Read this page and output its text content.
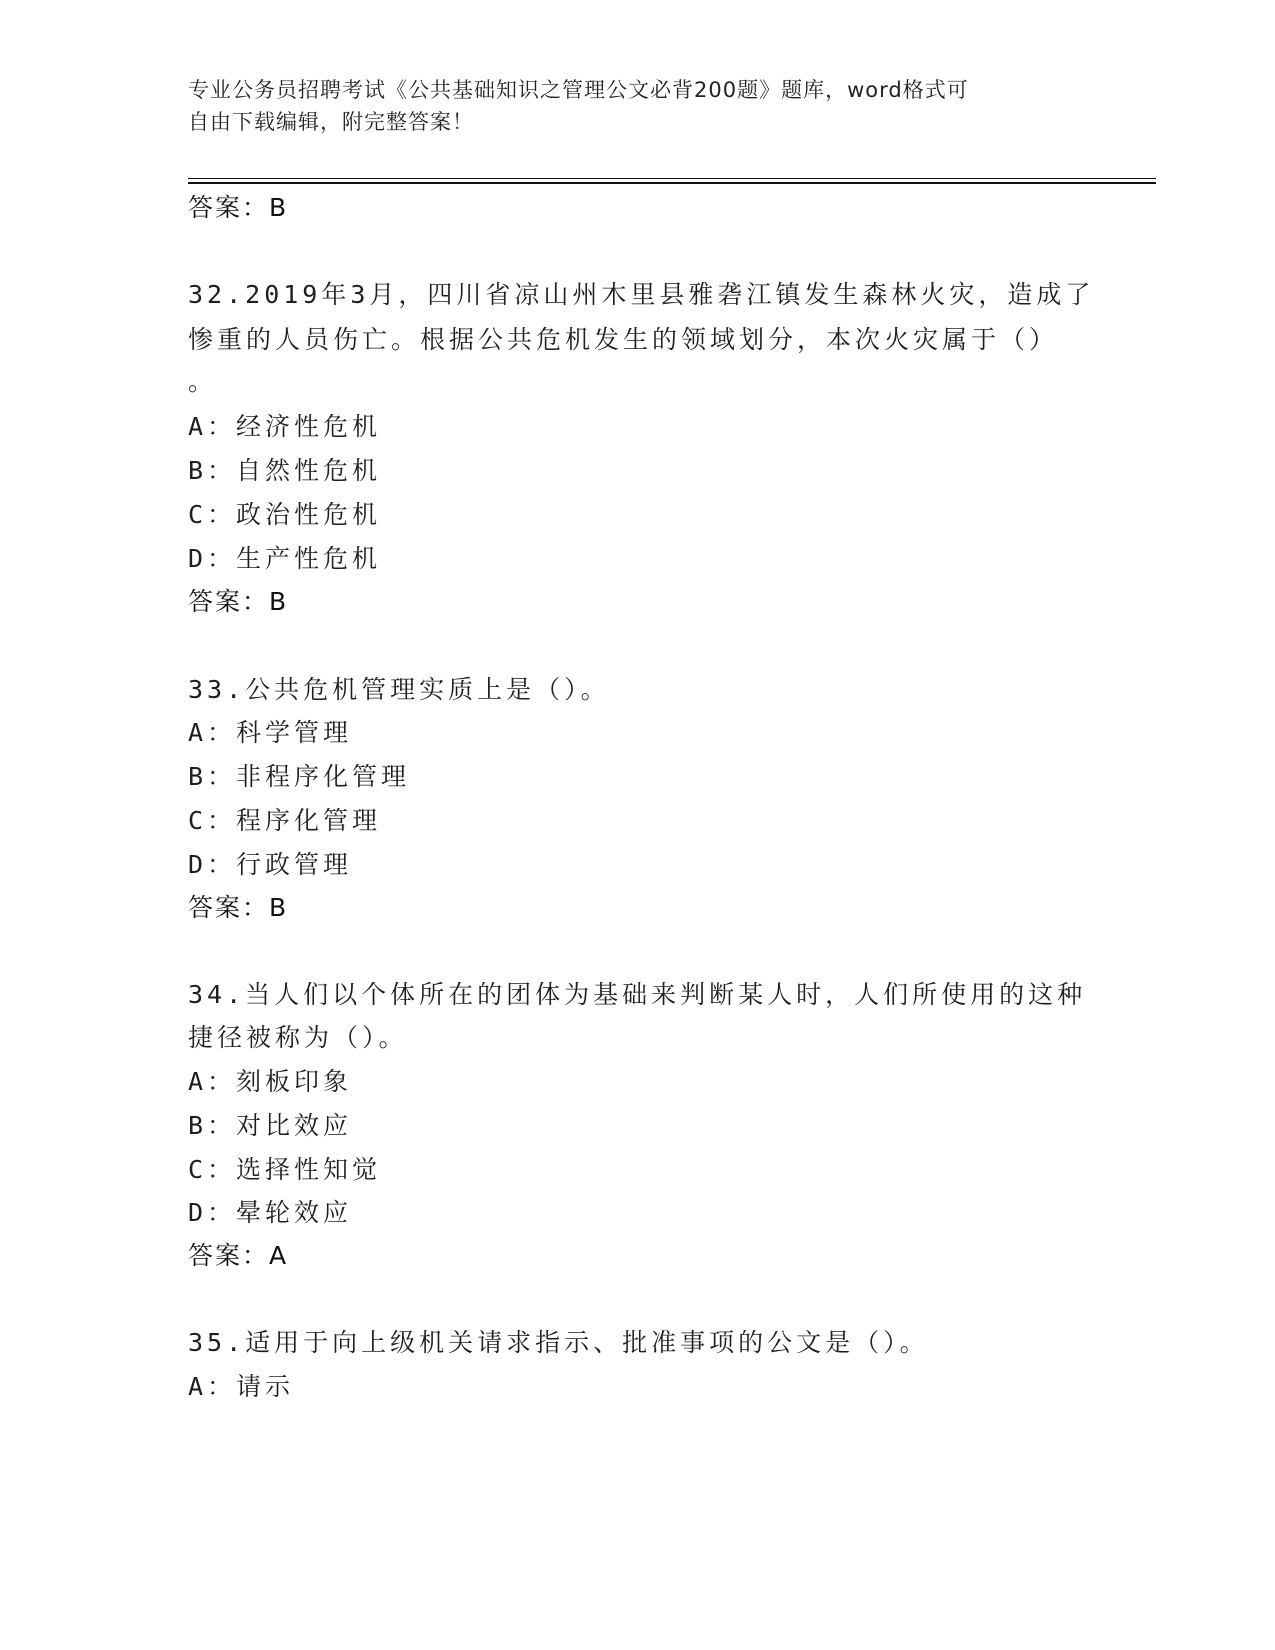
专业公务员招聘考试《公共基础知识之管理公文必背200题》题库，word格式可
自由下载编辑，附完整答案！
答案：B
32.2019年3月，四川省凉山州木里县雅砻江镇发生森林火灾，造成了
惨重的人员伤亡。根据公共危机发生的领域划分，本次火灾属于（）
。
A：经济性危机
B：自然性危机
C：政治性危机
D：生产性危机
答案：B
33.公共危机管理实质上是（）。
A：科学管理
B：非程序化管理
C：程序化管理
D：行政管理
答案：B
34.当人们以个体所在的团体为基础来判断某人时，人们所使用的这种
捷径被称为（）。
A：刻板印象
B：对比效应
C：选择性知觉
D：晕轮效应
答案：A
35.适用于向上级机关请求指示、批准事项的公文是（）。
A：请示
